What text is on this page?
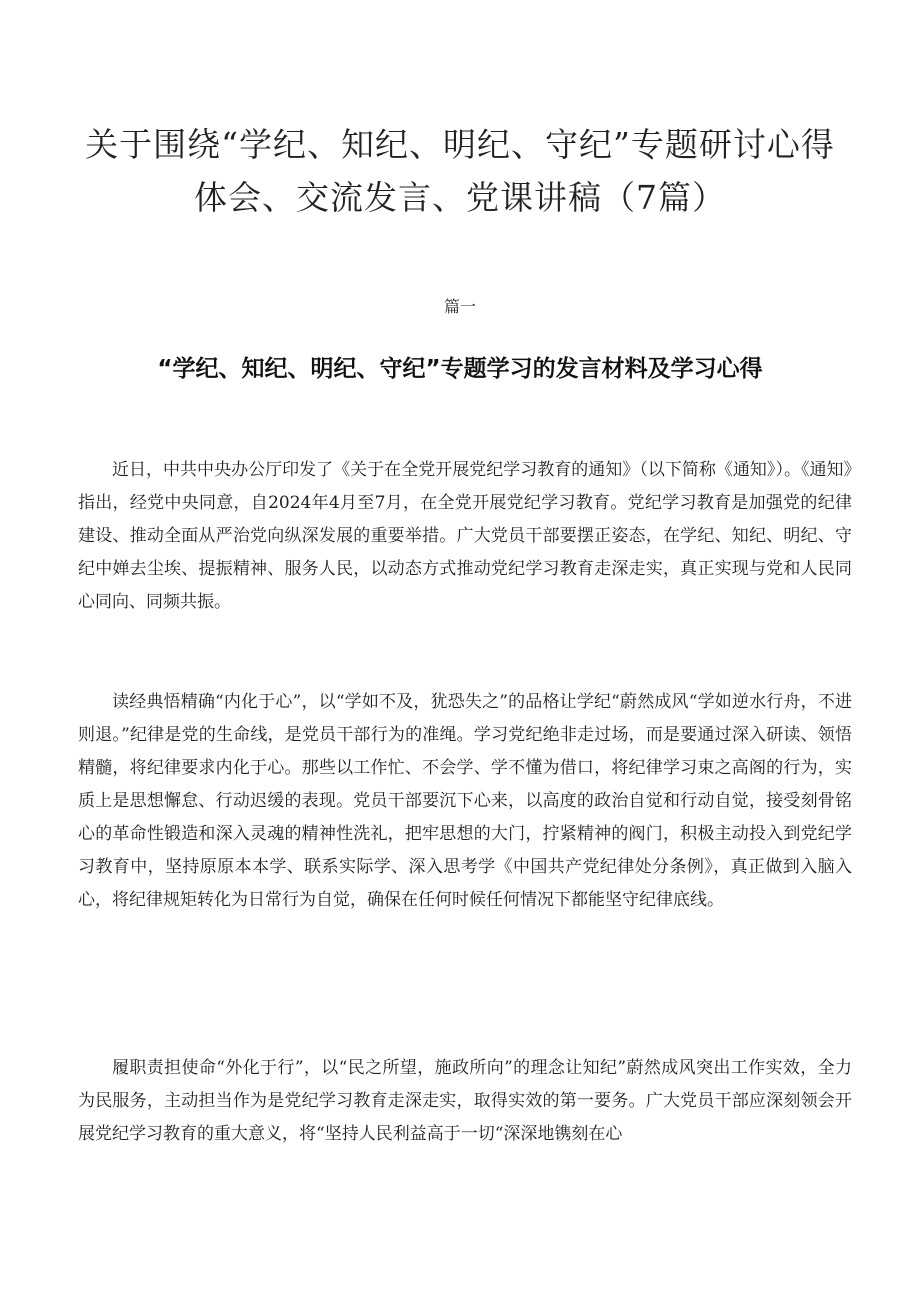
关于围绕“学纪、知纪、明纪、守纪”专题研讨心得体会、交流发言、党课讲稿（7篇）
篇一
“学纪、知纪、明纪、守纪”专题学习的发言材料及学习心得

近日，中共中央办公厅印发了《关于在全党开展党纪学习教育的通知》（以下简称《通知》）。《通知》指出，经党中央同意，自2024年4月至7月，在全党开展党纪学习教育。党纪学习教育是加强党的纪律建设、推动全面从严治党向纵深发展的重要举措。广大党员干部要摆正姿态，在学纪、知纪、明纪、守纪中婵去尘埃、提振精神、服务人民，以动态方式推动党纪学习教育走深走实，真正实现与党和人民同心同向、同频共振。

读经典悟精确“内化于心”，以“学如不及，犹恐失之”的品格让学纪“蔚然成风“学如逆水行舟，不进则退。”纪律是党的生命线，是党员干部行为的准绳。学习党纪绝非走过场，而是要通过深入研读、领悟精髓，将纪律要求内化于心。那些以工作忙、不会学、学不懂为借口，将纪律学习束之高阁的行为，实质上是思想懈怠、行动迟缓的表现。党员干部要沉下心来，以高度的政治自觉和行动自觉，接受刻骨铭心的革命性锻造和深入灵魂的精神性洗礼，把牢思想的大门，拧紧精神的阀门，积极主动投入到党纪学习教育中，坚持原原本本学、联系实际学、深入思考学《中国共产党纪律处分条例》，真正做到入脑入心，将纪律规矩转化为日常行为自觉，确保在任何时候任何情况下都能坚守纪律底线。

履职责担使命“外化于行”，以“民之所望，施政所向”的理念让知纪”蔚然成风突出工作实效，全力为民服务，主动担当作为是党纪学习教育走深走实，取得实效的第一要务。广大党员干部应深刻领会开展党纪学习教育的重大意义，将“坚持人民利益高于一切“深深地镌刻在心
